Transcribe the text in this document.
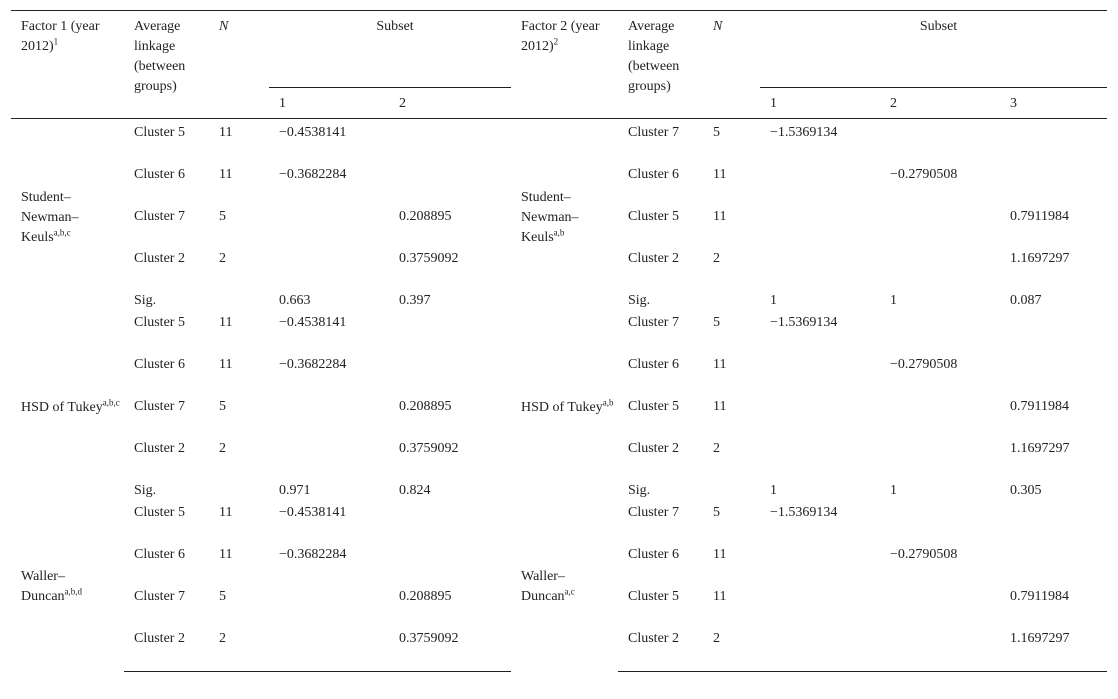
Factor 1 (year 2012)$^1$	Average linkage (between groups)	N	Subset		Factor 2 (year 2012)$^2$	Average linkage (between groups)	N	Subset		
			1	2				1	2	3
Student–Newman–Keuls$^{a,b,c}$	Cluster 5	11	−0.4538141		Student–Newman–Keuls$^{a,b}$	Cluster 7	5	−1.5369134		
	Cluster 6	11	−0.3682284			Cluster 6	11		−0.2790508	
	Cluster 7	5		0.208895		Cluster 5	11			0.7911984
	Cluster 2	2		0.3759092		Cluster 2	2			1.1697297
	Sig.		0.663	0.397		Sig.		1	1	0.087
HSD of Tukey$^{a,b,c}$	Cluster 5	11	−0.4538141		HSD of Tukey$^{a,b}$	Cluster 7	5	−1.5369134		
	Cluster 6	11	−0.3682284			Cluster 6	11		−0.2790508	
	Cluster 7	5		0.208895		Cluster 5	11			0.7911984
	Cluster 2	2		0.3759092		Cluster 2	2			1.1697297
	Sig.		0.971	0.824		Sig.		1	1	0.305
Waller–Duncan$^{a,b,d}$	Cluster 5	11	−0.4538141		Waller–Duncan$^{a,c}$	Cluster 7	5	−1.5369134		
	Cluster 6	11	−0.3682284			Cluster 6	11		−0.2790508	
	Cluster 7	5		0.208895		Cluster 5	11			0.7911984
	Cluster 2	2		0.3759092		Cluster 2	2			1.1697297
